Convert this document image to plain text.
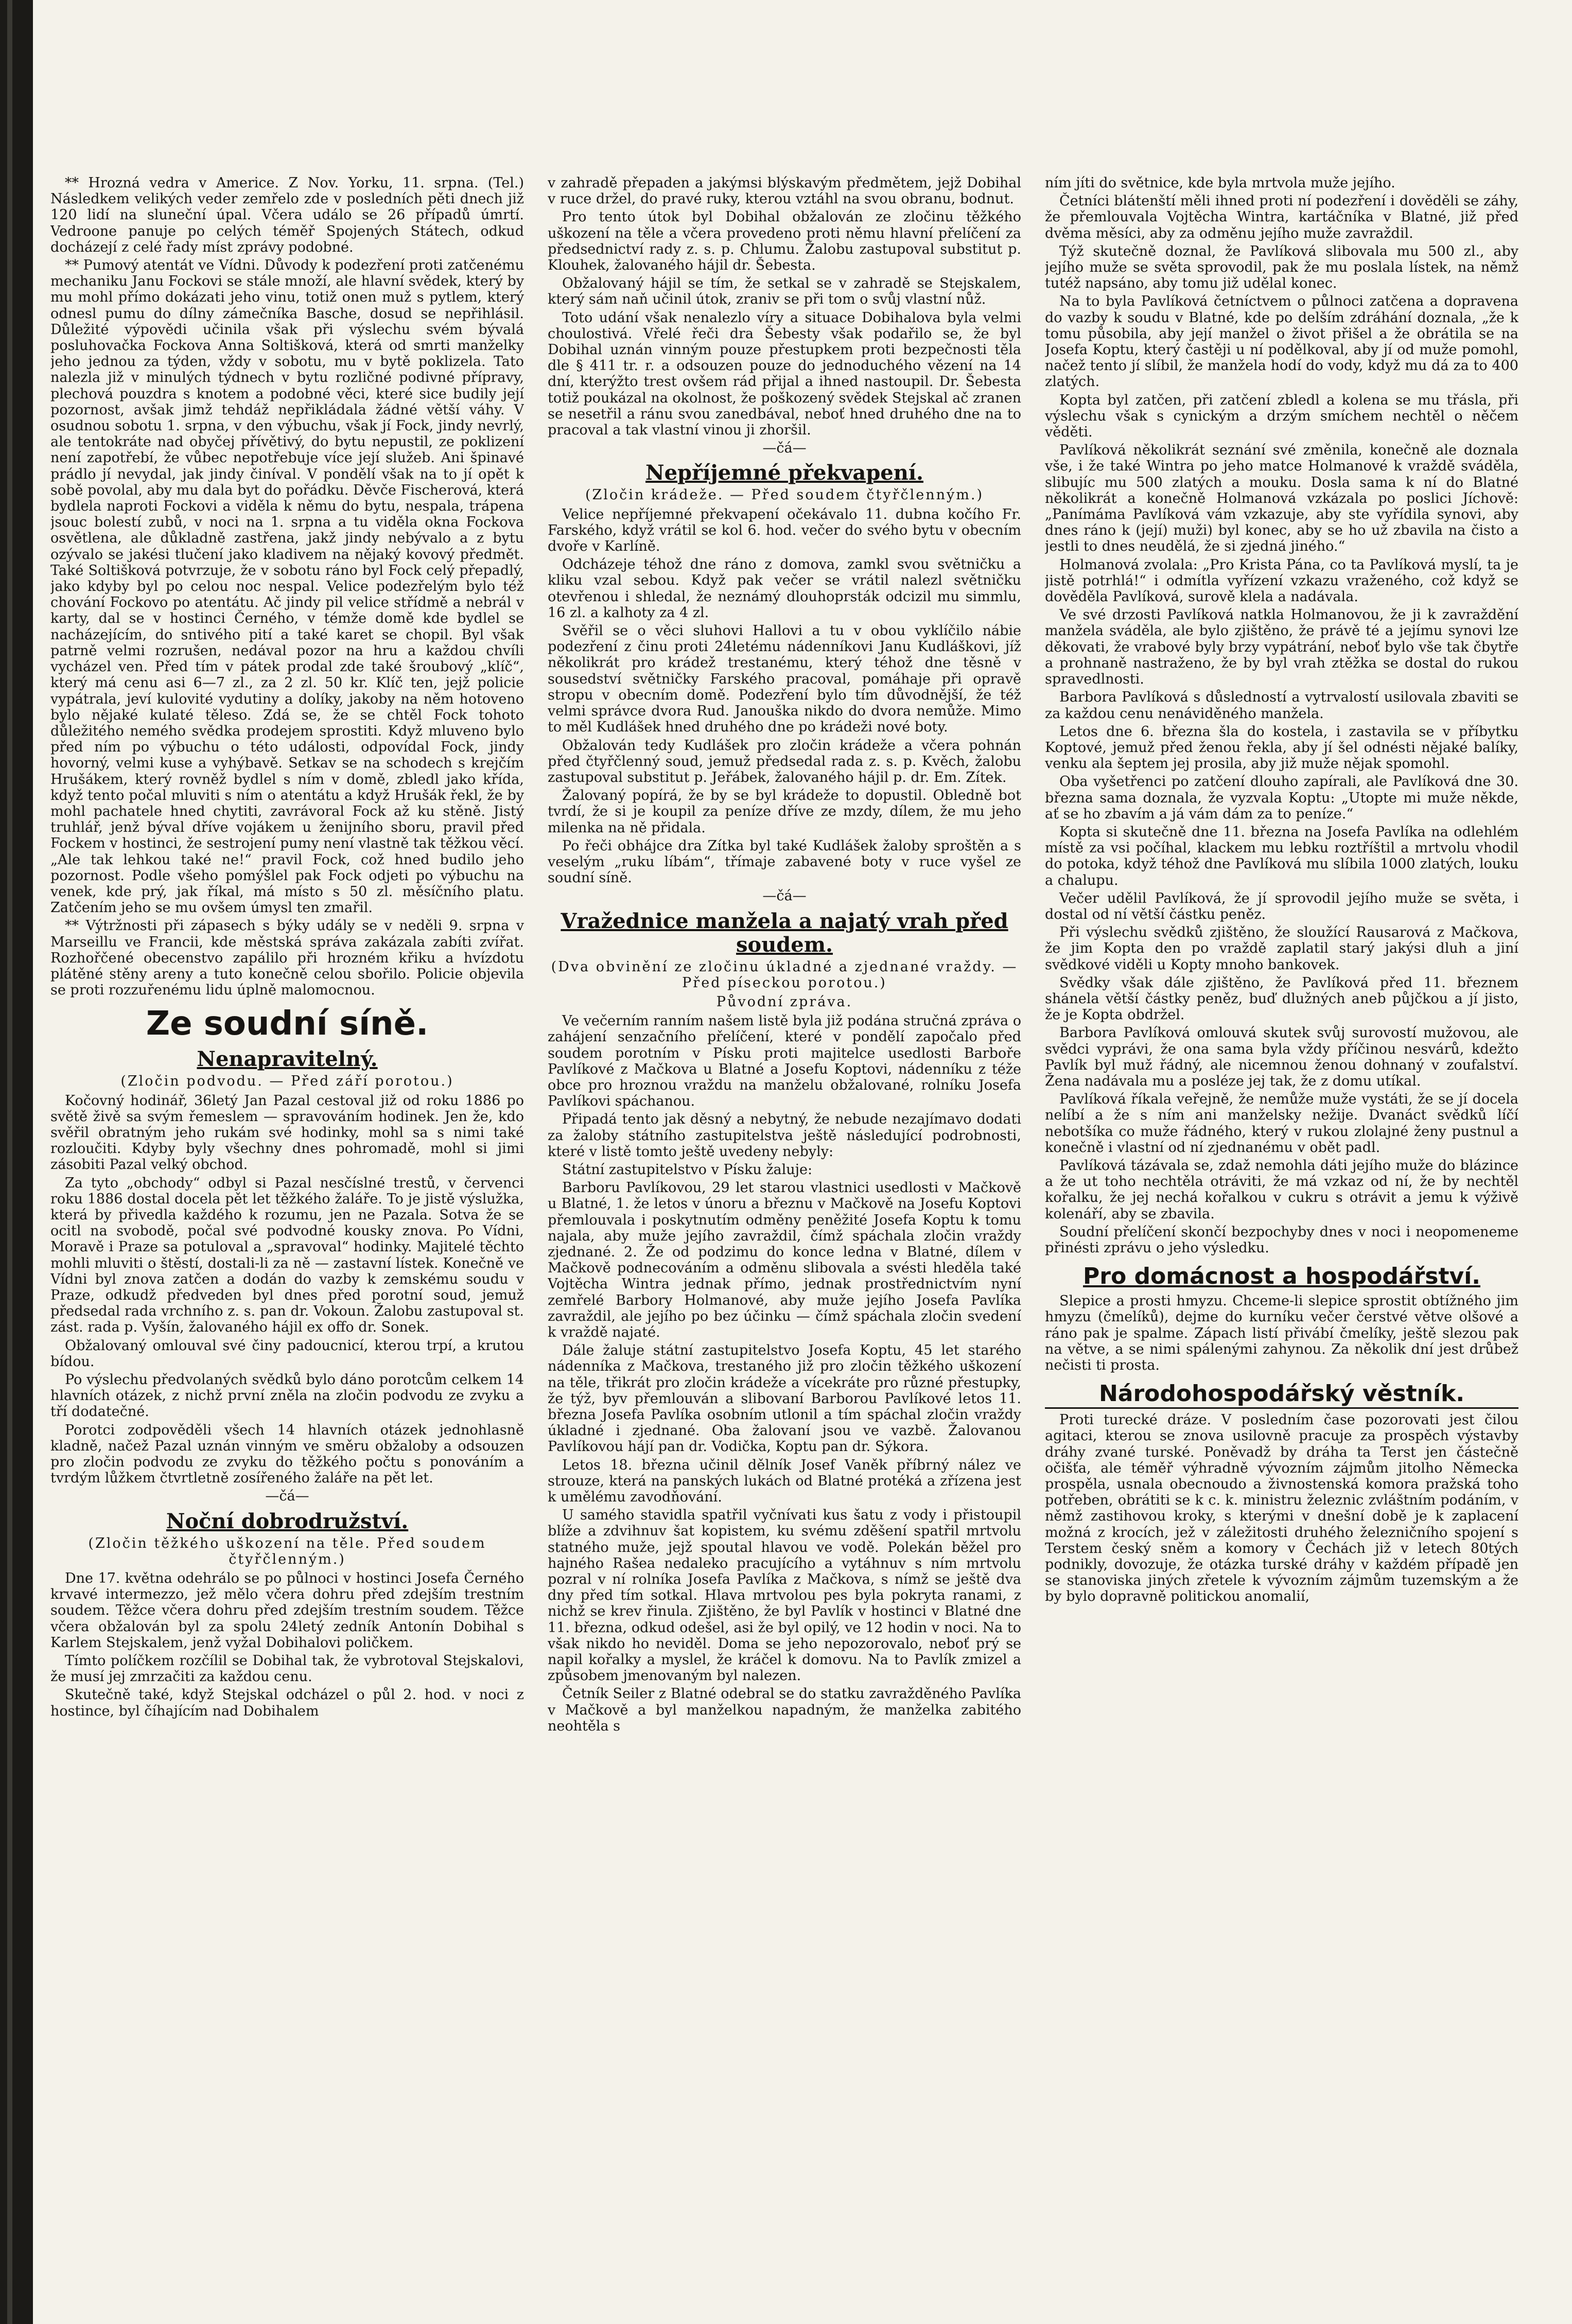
** Hrozná vedra v Americe. Z Nov. Yorku, 11. srpna. (Tel.) Následkem velikých veder zemřelo zde v posledních pěti dnech již 120 lidí na sluneční úpal. Včera událo se 26 případů úmrtí. Vedroone panuje po celých téměř Spojených Státech, odkud docházejí z celé řady míst zprávy podobné.

** Pumový atentát ve Vídni. Důvody k podezření proti zatčenému mechaniku Janu Fockovi se stále množí, ale hlavní svědek, který by mu mohl přímo dokázati jeho vinu, totiž onen muž s pytlem, který odnesl pumu do dílny zámečníka Basche, dosud se nepřihlásil. Důležité výpovědi učinila však při výslechu svém bývalá posluhovačka Fockova Anna Soltišková, která od smrti manželky jeho jednou za týden, vždy v sobotu, mu v bytě poklizela. Tato nalezla již v minulých týdnech v bytu rozličné podivné přípravy, plechová pouzdra s knotem a podobné věci, které sice budily její pozornost, avšak jimž tehdáž nepřikládala žádné větší váhy. V osudnou sobotu 1. srpna, v den výbuchu, však jí Fock, jindy nevrlý, ale tentokráte nad obyčej přívětivý, do bytu nepustil, ze poklizení není zapotřebí, že vůbec nepotřebuje více její služeb. Ani špinavé prádlo jí nevydal, jak jindy činíval. V pondělí však na to jí opět k sobě povolal, aby mu dala byt do pořádku. Děvče Fischerová, která bydlela naproti Fockovi a viděla k němu do bytu, nespala, trápena jsouc bolestí zubů, v noci na 1. srpna a tu viděla okna Fockova osvětlena, ale důkladně zastřena, jakž jindy nebývalo a z bytu ozývalo se jakési tlučení jako kladivem na nějaký kovový předmět. Také Soltišková potvrzuje, že v sobotu ráno byl Fock celý přepadlý, jako kdyby byl po celou noc nespal. Velice podezřelým bylo též chování Fockovo po atentátu. Ač jindy pil velice střídmě a nebrál v karty, dal se v hostinci Černého, v témže domě kde bydlel se nacházejícím, do sntivého pití a také karet se chopil. Byl však patrně velmi rozrušen, nedával pozor na hru a každou chvíli vycházel ven. Před tím v pátek prodal zde také šroubový „klíč“, který má cenu asi 6—7 zl., za 2 zl. 50 kr. Klíč ten, jejž policie vypátrala, jeví kulovité vydutiny a dolíky, jakoby na něm hotoveno bylo nějaké kulaté těleso. Zdá se, že se chtěl Fock tohoto důležitého nemého svědka prodejem sprostiti. Když mluveno bylo před ním po výbuchu o této události, odpovídal Fock, jindy hovorný, velmi kuse a vyhýbavě. Setkav se na schodech s krejčím Hrušákem, který rovněž bydlel s ním v domě, zbledl jako křída, když tento počal mluviti s ním o atentátu a když Hrušák řekl, že by mohl pachatele hned chytiti, zavrávoral Fock až ku stěně. Jistý truhlář, jenž býval dříve vojákem u ženijního sboru, pravil před Fockem v hostinci, že sestrojení pumy není vlastně tak těžkou věcí. „Ale tak lehkou také ne!“ pravil Fock, což hned budilo jeho pozornost. Podle všeho pomýšlel pak Fock odjeti po výbuchu na venek, kde prý, jak říkal, má místo s 50 zl. měsíčního platu. Zatčením jeho se mu ovšem úmysl ten zmařil.

** Výtržnosti při zápasech s býky udály se v neděli 9. srpna v Marseillu ve Francii, kde městská správa zakázala zabíti zvířat. Rozhořčené obecenstvo zapálilo při hrozném křiku a hvízdotu plátěné stěny areny a tuto konečně celou sbořilo. Policie objevila se proti rozzuřenému lidu úplně malomocnou.

Ze soudní síně.
Nenapravitelný.
(Zločin podvodu. — Před září porotou.)

Kočovný hodinář, 36letý Jan Pazal cestoval již od roku 1886 po světě živě sa svým řemeslem — spravováním hodinek. Jen že, kdo svěřil obratným jeho rukám své hodinky, mohl sa s nimi také rozloučiti. Kdyby byly všechny dnes pohromadě, mohl si jimi zásobiti Pazal velký obchod.

Za tyto „obchody“ odbyl si Pazal nesčíslné trestů, v červenci roku 1886 dostal docela pět let těžkého žaláře. To je jistě výslužka, která by přivedla každého k rozumu, jen ne Pazala. Sotva že se ocitl na svobodě, počal své podvodné kousky znova. Po Vídni, Moravě i Praze sa potuloval a „spravoval“ hodinky. Majitelé těchto mohli mluviti o štěstí, dostali-li za ně — zastavní lístek. Konečně ve Vídni byl znova zatčen a dodán do vazby k zemskému soudu v Praze, odkudž předveden byl dnes před porotní soud, jemuž předsedal rada vrchního z. s. pan dr. Vokoun. Žalobu zastupoval st. zást. rada p. Vyšín, žalovaného hájil ex offo dr. Sonek.

Obžalovaný omlouval své činy padoucnicí, kterou trpí, a krutou bídou.

Po výslechu předvolaných svědků bylo dáno porotcům celkem 14 hlavních otázek, z nichž první zněla na zločin podvodu ze zvyku a tří dodatečné.

Porotci zodpověděli všech 14 hlavních otázek jednohlasně kladně, načež Pazal uznán vinným ve směru obžaloby a odsouzen pro zločin podvodu ze zvyku do těžkého počtu s ponováním a tvrdým lůžkem čtvrtletně zosířeného žaláře na pět let.

—čá—
Noční dobrodružství.
(Zločin těžkého uškození na těle. Před soudem čtyřčlenným.)

Dne 17. května odehrálo se po půlnoci v hostinci Josefa Černého krvavé intermezzo, jež mělo včera dohru před zdejším trestním soudem. Těžce včera dohru před zdejším trestním soudem. Těžce včera obžalován byl za spolu 24letý zedník Antonín Dobihal s Karlem Stejskalem, jenž vyžal Dobihalovi poličkem.

Tímto políčkem rozčílil se Dobihal tak, že vybrotoval Stejskalovi, že musí jej zmrzačiti za každou cenu.

Skutečně také, když Stejskal odcházel o půl 2. hod. v noci z hostince, byl číhajícím nad Dobihalem

v zahradě přepaden a jakýmsi blýskavým předmětem, jejž Dobihal v ruce držel, do pravé ruky, kterou vztáhl na svou obranu, bodnut.

Pro tento útok byl Dobihal obžalován ze zločinu těžkého uškození na těle a včera provedeno proti němu hlavní přelíčení za předsednictví rady z. s. p. Chlumu. Žalobu zastupoval substitut p. Klouhek, žalovaného hájil dr. Šebesta.

Obžalovaný hájil se tím, že setkal se v zahradě se Stejskalem, který sám naň učinil útok, zraniv se při tom o svůj vlastní nůž.

Toto udání však nenalezlo víry a situace Dobihalova byla velmi choulostivá. Vřelé řeči dra Šebesty však podařilo se, že byl Dobihal uznán vinným pouze přestupkem proti bezpečnosti těla dle § 411 tr. r. a odsouzen pouze do jednoduchého vězení na 14 dní, kterýžto trest ovšem rád přijal a ihned nastoupil. Dr. Šebesta totiž poukázal na okolnost, že poškozený svědek Stejskal ač zranen se nesetřil a ránu svou zanedbával, neboť hned druhého dne na to pracoval a tak vlastní vinou ji zhoršil.

—čá—
Nepříjemné překvapení.
(Zločin krádeže. — Před soudem čtyřčlenným.)

Velice nepříjemné překvapení očekávalo 11. dubna kočího Fr. Farského, když vrátil se kol 6. hod. večer do svého bytu v obecním dvoře v Karlíně.

Odcházeje téhož dne ráno z domova, zamkl svou světničku a kliku vzal sebou. Když pak večer se vrátil nalezl světničku otevřenou i shledal, že neznámý dlouhoprsták odcizil mu simmlu, 16 zl. a kalhoty za 4 zl.

Svěřil se o věci sluhovi Hallovi a tu v obou vyklíčilo nábie podezření z činu proti 24letému nádenníkovi Janu Kudláškovi, jíž několikrát pro krádež trestanému, který téhož dne těsně v sousedství světničky Farského pracoval, pomáhaje při opravě stropu v obecním domě. Podezření bylo tím důvodnější, že též velmi správce dvora Rud. Janouška nikdo do dvora nemůže. Mimo to měl Kudlášek hned druhého dne po krádeži nové boty.

Obžalován tedy Kudlášek pro zločin krádeže a včera pohnán před čtyřčlenný soud, jemuž předsedal rada z. s. p. Kvěch, žalobu zastupoval substitut p. Jeřábek, žalovaného hájil p. dr. Em. Zítek.

Žalovaný popírá, že by se byl krádeže to dopustil. Obledně bot tvrdí, že si je koupil za peníze dříve ze mzdy, dílem, že mu jeho milenka na ně přidala.

Po řeči obhájce dra Zítka byl také Kudlášek žaloby sproštěn a s veselým „ruku líbám“, třímaje zabavené boty v ruce vyšel ze soudní síně.

—čá—
Vražednice manžela a najatý vrah před soudem.
(Dva obvinění ze zločinu úkladné a zjednané vraždy. — Před píseckou porotou.)
Původní zpráva.

Ve večerním ranním našem listě byla již podána stručná zpráva o zahájení senzačního přelíčení, které v pondělí započalo před soudem porotním v Písku proti majitelce usedlosti Barboře Pavlíkové z Mačkova u Blatné a Josefu Koptovi, nádenníku z téže obce pro hroznou vraždu na manželu obžalované, rolníku Josefa Pavlíkovi spáchanou.

Připadá tento jak děsný a nebytný, že nebude nezajímavo dodati za žaloby státního zastupitelstva ještě následující podrobnosti, které v listě tomto ještě uvedeny nebyly:

Státní zastupitelstvo v Písku žaluje:

Barboru Pavlíkovou, 29 let starou vlastnici usedlosti v Mačkově u Blatné, 1. že letos v únoru a březnu v Mačkově na Josefu Koptovi přemlouvala i poskytnutím odměny peněžité Josefa Koptu k tomu najala, aby muže jejího zavraždil, čímž spáchala zločin vraždy zjednané. 2. Že od podzimu do konce ledna v Blatné, dílem v Mačkově podnecováním a odměnu slibovala a svésti hleděla také Vojtěcha Wintra jednak přímo, jednak prostřednictvím nyní zemřelé Barbory Holmanové, aby muže jejího Josefa Pavlíka zavraždil, ale jejího po bez účinku — čímž spáchala zločin svedení k vraždě najaté.

Dále žaluje státní zastupitelstvo Josefa Koptu, 45 let starého nádenníka z Mačkova, trestaného již pro zločin těžkého uškození na těle, třikrát pro zločin krádeže a vícekráte pro různé přestupky, že týž, byv přemlouván a slibovaní Barborou Pavlíkové letos 11. března Josefa Pavlíka osobním utlonil a tím spáchal zločin vraždy úkladné i zjednané. Oba žalovaní jsou ve vazbě. Žalovanou Pavlíkovou hájí pan dr. Vodička, Koptu pan dr. Sýkora.

Letos 18. března učinil dělník Josef Vaněk příbrný nález ve strouze, která na panských lukách od Blatné protéká a zřízena jest k umělému zavodňování.

U samého stavidla spatřil vyčnívati kus šatu z vody i přistoupil blíže a zdvihnuv šat kopistem, ku svému zděšení spatřil mrtvolu statného muže, jejž spoutal hlavou ve vodě. Polekán běžel pro hajného Rašea nedaleko pracujícího a vytáhnuv s ním mrtvolu pozral v ní rolníka Josefa Pavlíka z Mačkova, s nímž se ještě dva dny před tím sotkal. Hlava mrtvolou pes byla pokryta ranami, z nichž se krev řinula. Zjištěno, že byl Pavlík v hostinci v Blatné dne 11. března, odkud odešel, asi že byl opilý, ve 12 hodin v noci. Na to však nikdo ho neviděl. Doma se jeho nepozorovalo, neboť prý se napil kořalky a myslel, že kráčel k domovu. Na to Pavlík zmizel a způsobem jmenovaným byl nalezen.

Četník Seiler z Blatné odebral se do statku zavražděného Pavlíka v Mačkově a byl manželkou napadným, že manželka zabitého neohtěla s

ním jíti do světnice, kde byla mrtvola muže jejího.

Četníci blátenští měli ihned proti ní podezření i dověděli se záhy, že přemlouvala Vojtěcha Wintra, kartáčníka v Blatné, již před dvěma měsíci, aby za odměnu jejího muže zavraždil.

Týž skutečně doznal, že Pavlíková slibovala mu 500 zl., aby jejího muže se světa sprovodil, pak že mu poslala lístek, na němž tutéž napsáno, aby tomu již udělal konec.

Na to byla Pavlíková četníctvem o půlnoci zatčena a dopravena do vazby k soudu v Blatné, kde po delším zdráhání doznala, „že k tomu působila, aby její manžel o život přišel a že obrátila se na Josefa Koptu, který častěji u ní podělkoval, aby jí od muže pomohl, načež tento jí slíbil, že manžela hodí do vody, když mu dá za to 400 zlatých.

Kopta byl zatčen, při zatčení zbledl a kolena se mu třásla, při výslechu však s cynickým a drzým smíchem nechtěl o něčem věděti.

Pavlíková několikrát seznání své změnila, konečně ale doznala vše, i že také Wintra po jeho matce Holmanové k vraždě sváděla, slibujíc mu 500 zlatých a mouku. Dosla sama k ní do Blatné několikrát a konečně Holmanová vzkázala po poslici Jíchově: „Panímáma Pavlíková vám vzkazuje, aby ste vyřídila synovi, aby dnes ráno k (její) muži) byl konec, aby se ho už zbavila na čisto a jestli to dnes neudělá, že si zjedná jiného.“

Holmanová zvolala: „Pro Krista Pána, co ta Pavlíková myslí, ta je jistě potrhlá!“ i odmítla vyřízení vzkazu vraženého, což když se dověděla Pavlíková, surově klela a nadávala.

Ve své drzosti Pavlíková natkla Holmanovou, že ji k zavraždění manžela sváděla, ale bylo zjištěno, že právě té a jejímu synovi lze děkovati, že vrabové byly brzy vypátrání, neboť bylo vše tak čbytře a prohnaně nastraženo, že by byl vrah ztěžka se dostal do rukou spravedlnosti.

Barbora Pavlíková s důsledností a vytrvalostí usilovala zbaviti se za každou cenu nenáviděného manžela.

Letos dne 6. března šla do kostela, i zastavila se v příbytku Koptové, jemuž před ženou řekla, aby jí šel odnésti nějaké balíky, venku ala šeptem jej prosila, aby již muže nějak spomohl.

Oba vyšetřenci po zatčení dlouho zapírali, ale Pavlíková dne 30. března sama doznala, že vyzvala Koptu: „Utopte mi muže někde, ať se ho zbavím a já vám dám za to peníze.“

Kopta si skutečně dne 11. března na Josefa Pavlíka na odlehlém místě za vsi počíhal, klackem mu lebku roztříštil a mrtvolu vhodil do potoka, když téhož dne Pavlíková mu slíbila 1000 zlatých, louku a chalupu.

Večer udělil Pavlíková, že jí sprovodil jejího muže se světa, i dostal od ní větší částku peněz.

Při výslechu svědků zjištěno, že sloužící Rausarová z Mačkova, že jim Kopta den po vraždě zaplatil starý jakýsi dluh a jiní svědkové viděli u Kopty mnoho bankovek.

Svědky však dále zjištěno, že Pavlíková před 11. březnem shánela větší částky peněz, buď dlužných aneb půjčkou a jí jisto, že je Kopta obdržel.

Barbora Pavlíková omlouvá skutek svůj surovostí mužovou, ale svědci vyprávi, že ona sama byla vždy příčinou nesvárů, kdežto Pavlík byl muž řádný, ale nicemnou ženou dohnaný v zoufalství. Žena nadávala mu a posléze jej tak, že z domu utíkal.

Pavlíková říkala veřejně, že nemůže muže vystáti, že se jí docela nelíbí a že s ním ani manželsky nežije. Dvanáct svědků líčí nebotšíka co muže řádného, který v rukou zlolajné ženy pustnul a konečně i vlastní od ní zjednanému v obět padl.

Pavlíková tázávala se, zdaž nemohla dáti jejího muže do blázince a že ut toho nechtěla otráviti, že má vzkaz od ní, že by nechtěl kořalku, že jej nechá kořalkou v cukru s otrávit a jemu k výživě kolenáří, aby se zbavila.

Soudní přelíčení skončí bezpochyby dnes v noci i neopomeneme přinésti zprávu o jeho výsledku.

Pro domácnost a hospodářství.

Slepice a prosti hmyzu. Chceme-li slepice sprostit obtížného jim hmyzu (čmelíků), dejme do kurníku večer čerstvé větve olšové a ráno pak je spalme. Zápach listí přivábí čmelíky, ještě slezou pak na větve, a se nimi spálenými zahynou. Za několik dní jest drůbež nečisti ti prosta.

Národohospodářský věstník.

Proti turecké dráze. V posledním čase pozorovati jest čilou agitaci, kterou se znova usilovně pracuje za prospěch výstavby dráhy zvané turské. Poněvadž by dráha ta Terst jen částečně očišťa, ale téměř výhradně vývozním zájmům jitolho Německa prospěla, usnala obecnoudo a živnostenská komora pražská toho potřeben, obrátiti se k c. k. ministru železnic zvláštním podáním, v němž zastihovou kroky, s kterými v dnešní době je k zaplacení možná z krocích, jež v záležitosti druhého železničního spojení s Terstem český sněm a komory v Čechách již v letech 80tých podnikly, dovozuje, že otázka turské dráhy v každém případě jen se stanoviska jiných zřetele k vývozním zájmům tuzemským a že by bylo dopravně politickou anomalií,
